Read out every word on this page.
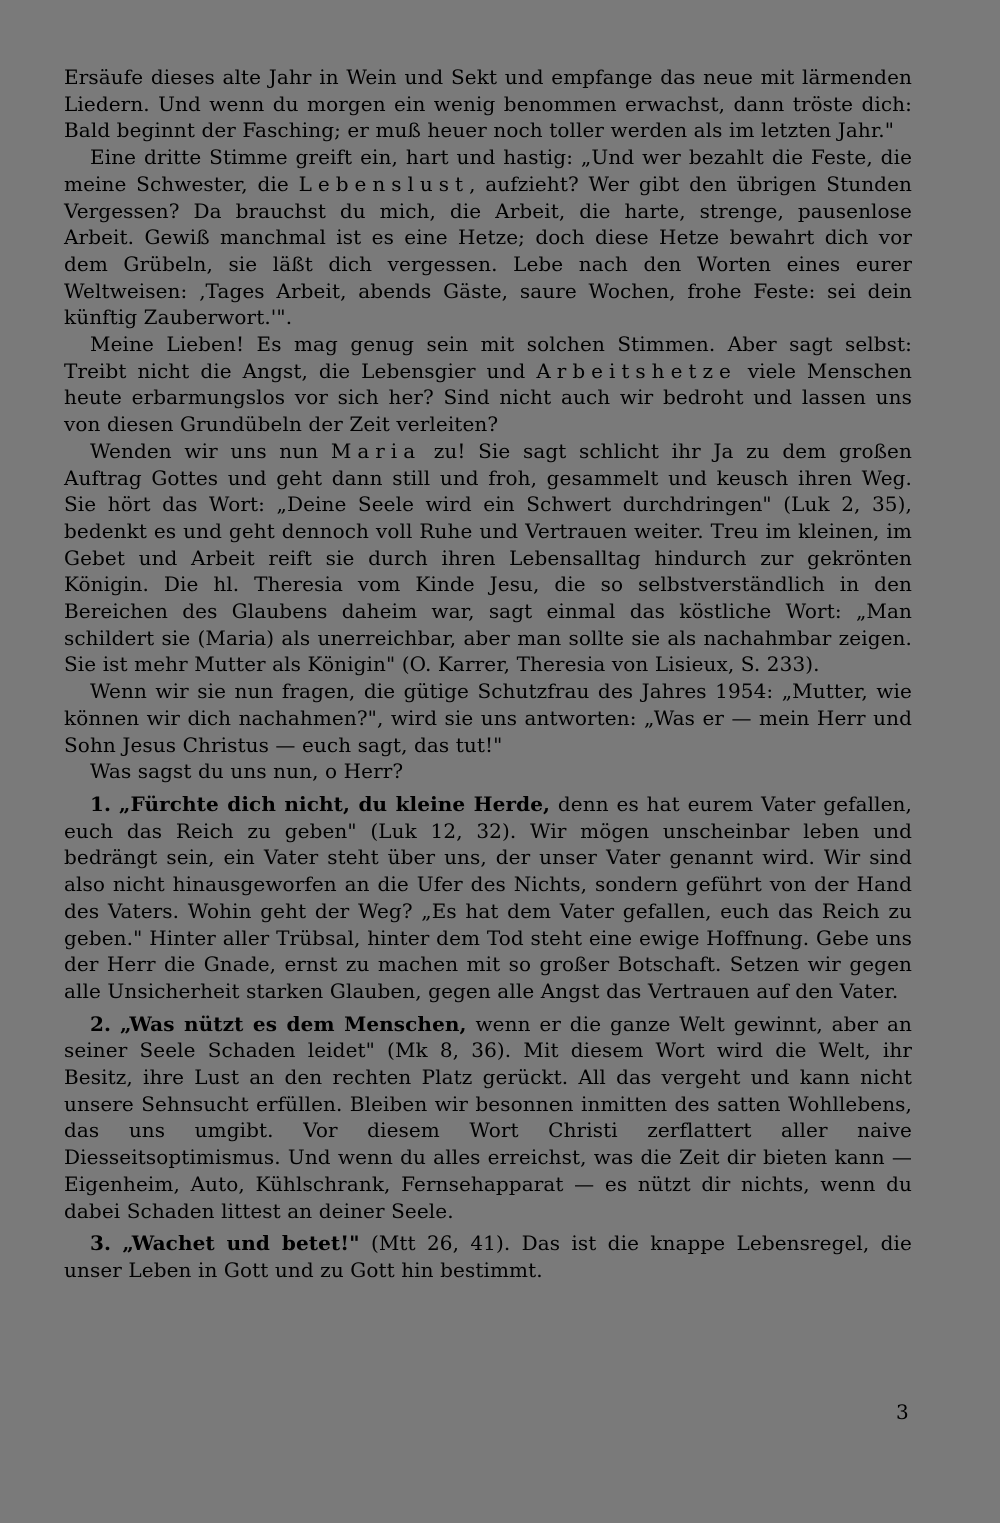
Ersäufe dieses alte Jahr in Wein und Sekt und empfange das neue mit lärmenden Liedern. Und wenn du morgen ein wenig benommen erwachst, dann tröste dich: Bald beginnt der Fasching; er muß heuer noch toller werden als im letzten Jahr."

Eine dritte Stimme greift ein, hart und hastig: „Und wer bezahlt die Feste, die meine Schwester, die Lebenslust, aufzieht? Wer gibt den übrigen Stunden Vergessen? Da brauchst du mich, die Arbeit, die harte, strenge, pausenlose Arbeit. Gewiß manchmal ist es eine Hetze; doch diese Hetze bewahrt dich vor dem Grübeln, sie läßt dich vergessen. Lebe nach den Worten eines eurer Weltweisen: ‚Tages Arbeit, abends Gäste, saure Wochen, frohe Feste: sei dein künftig Zauberwort.'".

Meine Lieben! Es mag genug sein mit solchen Stimmen. Aber sagt selbst: Treibt nicht die Angst, die Lebensgier und Arbeitshetze viele Menschen heute erbarmungslos vor sich her? Sind nicht auch wir bedroht und lassen uns von diesen Grundübeln der Zeit verleiten?

Wenden wir uns nun Maria zu! Sie sagt schlicht ihr Ja zu dem großen Auftrag Gottes und geht dann still und froh, gesammelt und keusch ihren Weg. Sie hört das Wort: „Deine Seele wird ein Schwert durchdringen" (Luk 2, 35), bedenkt es und geht dennoch voll Ruhe und Vertrauen weiter. Treu im kleinen, im Gebet und Arbeit reift sie durch ihren Lebensalltag hindurch zur gekrönten Königin. Die hl. Theresia vom Kinde Jesu, die so selbstverständlich in den Bereichen des Glaubens daheim war, sagt einmal das köstliche Wort: „Man schildert sie (Maria) als unerreichbar, aber man sollte sie als nachahmbar zeigen. Sie ist mehr Mutter als Königin" (O. Karrer, Theresia von Lisieux, S. 233).

Wenn wir sie nun fragen, die gütige Schutzfrau des Jahres 1954: „Mutter, wie können wir dich nachahmen?", wird sie uns antworten: „Was er — mein Herr und Sohn Jesus Christus — euch sagt, das tut!"

Was sagst du uns nun, o Herr?

1. „Fürchte dich nicht, du kleine Herde, denn es hat eurem Vater gefallen, euch das Reich zu geben" (Luk 12, 32). Wir mögen unscheinbar leben und bedrängt sein, ein Vater steht über uns, der unser Vater genannt wird. Wir sind also nicht hinausgeworfen an die Ufer des Nichts, sondern geführt von der Hand des Vaters. Wohin geht der Weg? „Es hat dem Vater gefallen, euch das Reich zu geben." Hinter aller Trübsal, hinter dem Tod steht eine ewige Hoffnung. Gebe uns der Herr die Gnade, ernst zu machen mit so großer Botschaft. Setzen wir gegen alle Unsicherheit starken Glauben, gegen alle Angst das Vertrauen auf den Vater.

2. „Was nützt es dem Menschen, wenn er die ganze Welt gewinnt, aber an seiner Seele Schaden leidet" (Mk 8, 36). Mit diesem Wort wird die Welt, ihr Besitz, ihre Lust an den rechten Platz gerückt. All das vergeht und kann nicht unsere Sehnsucht erfüllen. Bleiben wir besonnen inmitten des satten Wohllebens, das uns umgibt. Vor diesem Wort Christi zerflattert aller naive Diesseitsoptimismus. Und wenn du alles erreichst, was die Zeit dir bieten kann — Eigenheim, Auto, Kühlschrank, Fernsehapparat — es nützt dir nichts, wenn du dabei Schaden littest an deiner Seele.

3. „Wachet und betet!" (Mtt 26, 41). Das ist die knappe Lebensregel, die unser Leben in Gott und zu Gott hin bestimmt.

3
